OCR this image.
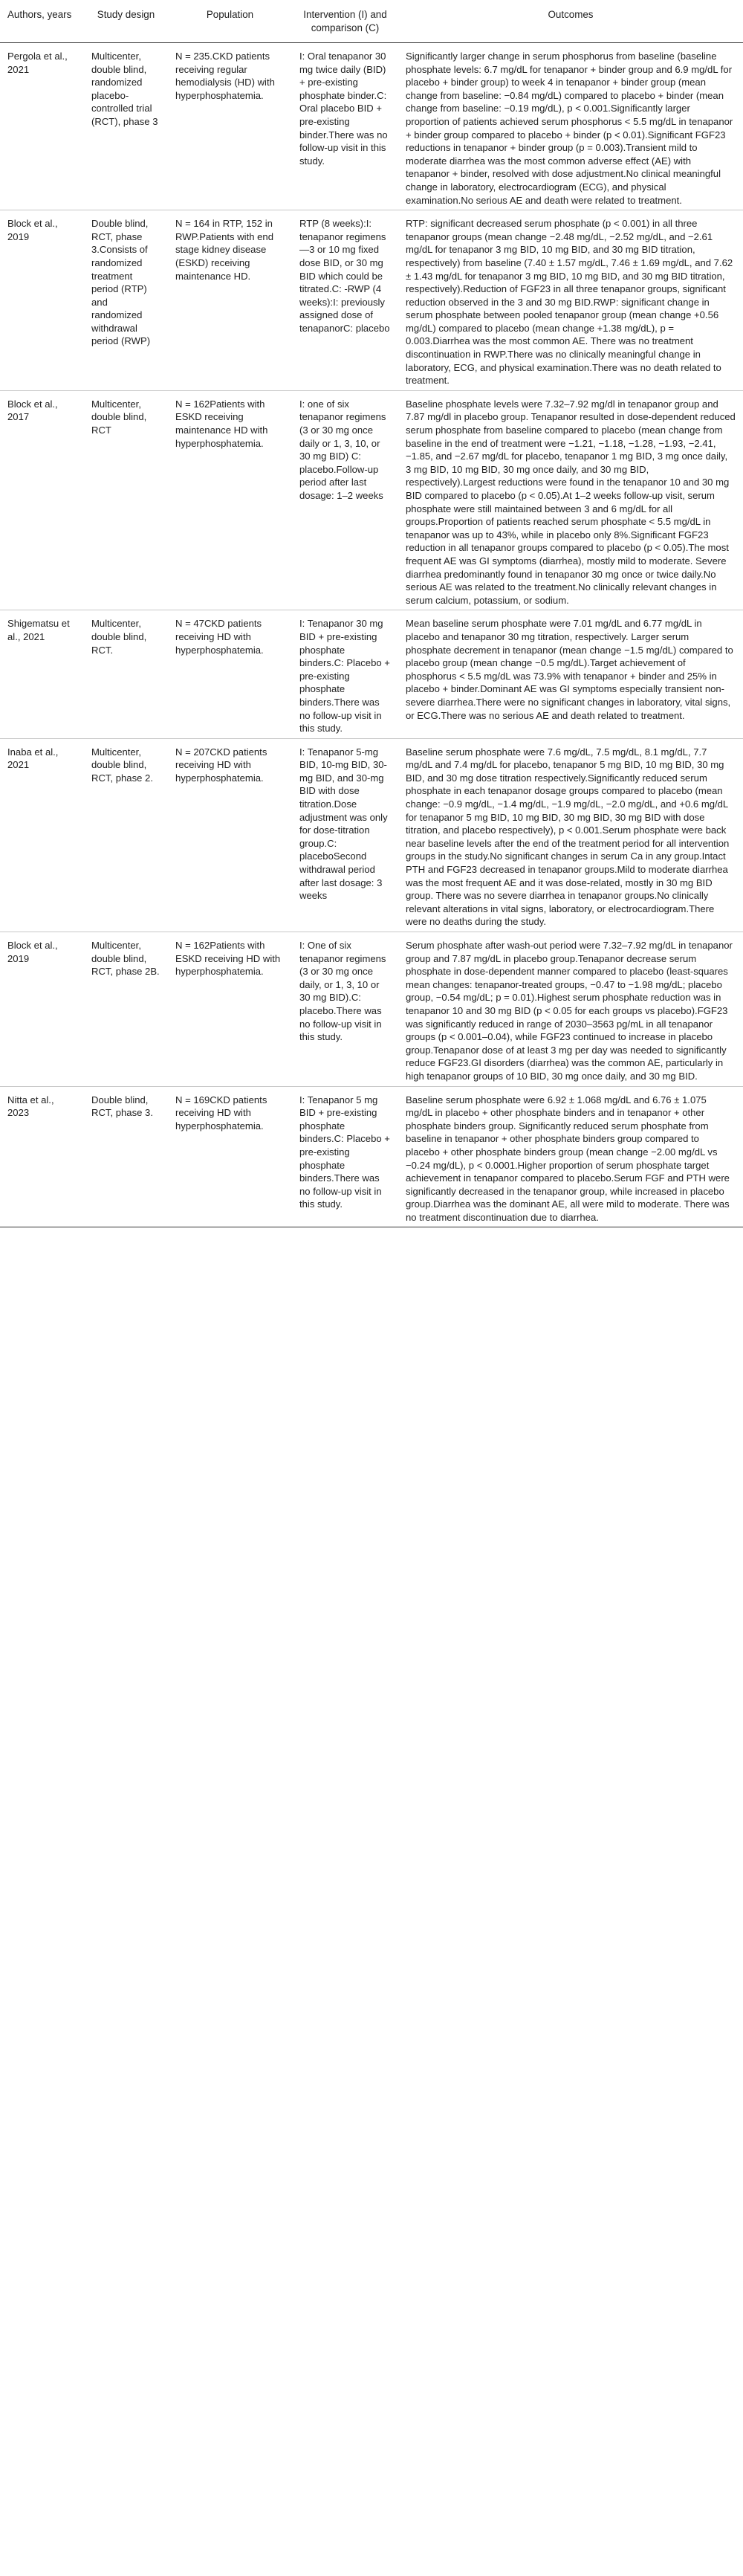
Authors, years	Study design	Population	Intervention (I) and comparison (C)	Outcomes
Pergola et al., 2021	Multicenter, double blind, randomized placebo-controlled trial (RCT), phase 3	N = 235.CKD patients receiving regular hemodialysis (HD) with hyperphosphatemia.	I: Oral tenapanor 30 mg twice daily (BID) + pre-existing phosphate binder.C: Oral placebo BID + pre-existing binder.There was no follow-up visit in this study.	Significantly larger change in serum phosphorus from baseline (baseline phosphate levels: 6.7 mg/dL for tenapanor + binder group and 6.9 mg/dL for placebo + binder group) to week 4 in tenapanor + binder group (mean change from baseline: −0.84 mg/dL) compared to placebo + binder (mean change from baseline: −0.19 mg/dL), p < 0.001.Significantly larger proportion of patients achieved serum phosphorus < 5.5 mg/dL in tenapanor + binder group compared to placebo + binder (p < 0.01).Significant FGF23 reductions in tenapanor + binder group (p = 0.003).Transient mild to moderate diarrhea was the most common adverse effect (AE) with tenapanor + binder, resolved with dose adjustment.No clinical meaningful change in laboratory, electrocardiogram (ECG), and physical examination.No serious AE and death were related to treatment.
Block et al., 2019	Double blind, RCT, phase 3.Consists of randomized treatment period (RTP) and randomized withdrawal period (RWP)	N = 164 in RTP, 152 in RWP.Patients with end stage kidney disease (ESKD) receiving maintenance HD.	RTP (8 weeks):I: tenapanor regimens—3 or 10 mg fixed dose BID, or 30 mg BID which could be titrated.C: -RWP (4 weeks):I: previously assigned dose of tenapanorC: placebo	RTP: significant decreased serum phosphate (p < 0.001) in all three tenapanor groups (mean change −2.48 mg/dL, −2.52 mg/dL, and −2.61 mg/dL for tenapanor 3 mg BID, 10 mg BID, and 30 mg BID titration, respectively) from baseline (7.40 ± 1.57 mg/dL, 7.46 ± 1.69 mg/dL, and 7.62 ± 1.43 mg/dL for tenapanor 3 mg BID, 10 mg BID, and 30 mg BID titration, respectively).Reduction of FGF23 in all three tenapanor groups, significant reduction observed in the 3 and 30 mg BID.RWP: significant change in serum phosphate between pooled tenapanor group (mean change +0.56 mg/dL) compared to placebo (mean change +1.38 mg/dL), p = 0.003.Diarrhea was the most common AE. There was no treatment discontinuation in RWP.There was no clinically meaningful change in laboratory, ECG, and physical examination.There was no death related to treatment.
Block et al., 2017	Multicenter, double blind, RCT	N = 162Patients with ESKD receiving maintenance HD with hyperphosphatemia.	I: one of six tenapanor regimens (3 or 30 mg once daily or 1, 3, 10, or 30 mg BID) C: placebo.Follow-up period after last dosage: 1–2 weeks	Baseline phosphate levels were 7.32–7.92 mg/dl in tenapanor group and 7.87 mg/dl in placebo group. Tenapanor resulted in dose-dependent reduced serum phosphate from baseline compared to placebo (mean change from baseline in the end of treatment were −1.21, −1.18, −1.28, −1.93, −2.41, −1.85, and −2.67 mg/dL for placebo, tenapanor 1 mg BID, 3 mg once daily, 3 mg BID, 10 mg BID, 30 mg once daily, and 30 mg BID, respectively).Largest reductions were found in the tenapanor 10 and 30 mg BID compared to placebo (p < 0.05).At 1–2 weeks follow-up visit, serum phosphate were still maintained between 3 and 6 mg/dL for all groups.Proportion of patients reached serum phosphate < 5.5 mg/dL in tenapanor was up to 43%, while in placebo only 8%.Significant FGF23 reduction in all tenapanor groups compared to placebo (p < 0.05).The most frequent AE was GI symptoms (diarrhea), mostly mild to moderate. Severe diarrhea predominantly found in tenapanor 30 mg once or twice daily.No serious AE was related to the treatment.No clinically relevant changes in serum calcium, potassium, or sodium.
Shigematsu et al., 2021	Multicenter, double blind, RCT.	N = 47CKD patients receiving HD with hyperphosphatemia.	I: Tenapanor 30 mg BID + pre-existing phosphate binders.C: Placebo + pre-existing phosphate binders.There was no follow-up visit in this study.	Mean baseline serum phosphate were 7.01 mg/dL and 6.77 mg/dL in placebo and tenapanor 30 mg titration, respectively. Larger serum phosphate decrement in tenapanor (mean change −1.5 mg/dL) compared to placebo group (mean change −0.5 mg/dL).Target achievement of phosphorus < 5.5 mg/dL was 73.9% with tenapanor + binder and 25% in placebo + binder.Dominant AE was GI symptoms especially transient non-severe diarrhea.There were no significant changes in laboratory, vital signs, or ECG.There was no serious AE and death related to treatment.
Inaba et al., 2021	Multicenter, double blind, RCT, phase 2.	N = 207CKD patients receiving HD with hyperphosphatemia.	I: Tenapanor 5-mg BID, 10-mg BID, 30-mg BID, and 30-mg BID with dose titration.Dose adjustment was only for dose-titration group.C: placeboSecond withdrawal period after last dosage: 3 weeks	Baseline serum phosphate were 7.6 mg/dL, 7.5 mg/dL, 8.1 mg/dL, 7.7 mg/dL and 7.4 mg/dL for placebo, tenapanor 5 mg BID, 10 mg BID, 30 mg BID, and 30 mg dose titration respectively.Significantly reduced serum phosphate in each tenapanor dosage groups compared to placebo (mean change: −0.9 mg/dL, −1.4 mg/dL, −1.9 mg/dL, −2.0 mg/dL, and +0.6 mg/dL for tenapanor 5 mg BID, 10 mg BID, 30 mg BID, 30 mg BID with dose titration, and placebo respectively), p < 0.001.Serum phosphate were back near baseline levels after the end of the treatment period for all intervention groups in the study.No significant changes in serum Ca in any group.Intact PTH and FGF23 decreased in tenapanor groups.Mild to moderate diarrhea was the most frequent AE and it was dose-related, mostly in 30 mg BID group. There was no severe diarrhea in tenapanor groups.No clinically relevant alterations in vital signs, laboratory, or electrocardiogram.There were no deaths during the study.
Block et al., 2019	Multicenter, double blind, RCT, phase 2B.	N = 162Patients with ESKD receiving HD with hyperphosphatemia.	I: One of six tenapanor regimens (3 or 30 mg once daily, or 1, 3, 10 or 30 mg BID).C: placebo.There was no follow-up visit in this study.	Serum phosphate after wash-out period were 7.32–7.92 mg/dL in tenapanor group and 7.87 mg/dL in placebo group.Tenapanor decrease serum phosphate in dose-dependent manner compared to placebo (least-squares mean changes: tenapanor-treated groups, −0.47 to −1.98 mg/dL; placebo group, −0.54 mg/dL; p = 0.01).Highest serum phosphate reduction was in tenapanor 10 and 30 mg BID (p < 0.05 for each groups vs placebo).FGF23 was significantly reduced in range of 2030–3563 pg/mL in all tenapanor groups (p < 0.001–0.04), while FGF23 continued to increase in placebo group.Tenapanor dose of at least 3 mg per day was needed to significantly reduce FGF23.GI disorders (diarrhea) was the common AE, particularly in high tenapanor groups of 10 BID, 30 mg once daily, and 30 mg BID.
Nitta et al., 2023	Double blind, RCT, phase 3.	N = 169CKD patients receiving HD with hyperphosphatemia.	I: Tenapanor 5 mg BID + pre-existing phosphate binders.C: Placebo + pre-existing phosphate binders.There was no follow-up visit in this study.	Baseline serum phosphate were 6.92 ± 1.068 mg/dL and 6.76 ± 1.075 mg/dL in placebo + other phosphate binders and in tenapanor + other phosphate binders group. Significantly reduced serum phosphate from baseline in tenapanor + other phosphate binders group compared to placebo + other phosphate binders group (mean change −2.00 mg/dL vs −0.24 mg/dL), p < 0.0001.Higher proportion of serum phosphate target achievement in tenapanor compared to placebo.Serum FGF and PTH were significantly decreased in the tenapanor group, while increased in placebo group.Diarrhea was the dominant AE, all were mild to moderate. There was no treatment discontinuation due to diarrhea.
